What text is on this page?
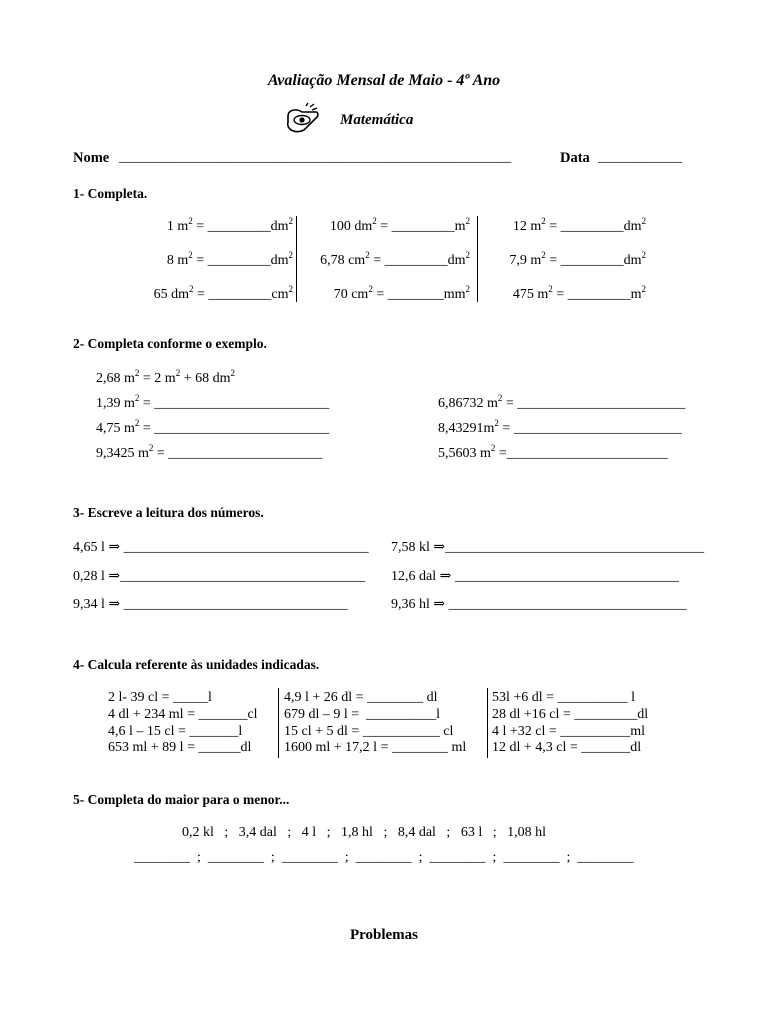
Avaliação Mensal de Maio - 4º Ano
Matemática
Nome ________________________________________________________	Data ____________
1- Completa.
1 $m^2$ = $\_\_\_\_\_\_\_\_\_dm^2$
8 $m^2$ = $\_\_\_\_\_\_\_\_\_dm^2$
65 $dm^2$ = $\_\_\_\_\_\_\_\_\_cm^2$
100 $dm^2$ = $\_\_\_\_\_\_\_\_\_m^2$
6,78 $cm^2$ = $\_\_\_\_\_\_\_\_\_dm^2$
70 $cm^2$ = $\_\_\_\_\_\_\_\_mm^2$
12 $m^2$ = $\_\_\_\_\_\_\_\_\_dm^2$
7,9 $m^2$ = $\_\_\_\_\_\_\_\_\_dm^2$
475 $m^2$ = $\_\_\_\_\_\_\_\_\_m^2$
2- Completa conforme o exemplo.
2,68 $m^2 = 2$ $m^2 + 68$ $dm^2$
1,39 $m^2$ = _________________________
4,75 $m^2$ = _________________________
9,3425 $m^2$ = ______________________
6,86732 $m^2$ = ________________________
$8,43291m^2$ = ________________________
5,5603 $m^2$ =_______________________
3- Escreve a leitura dos números.
4,65 l ⇒ ___________________________________
0,28 l ⇒___________________________________
9,34 l ⇒ ________________________________
7,58 kl ⇒_____________________________________
12,6 dal ⇒ ________________________________
9,36 hl ⇒ __________________________________
4- Calcula referente às unidades indicadas.
2 l- 39 cl = _____l
4 dl + 234 ml = _______cl
4,6 l – 15 cl = _______l
653 ml + 89 l = ______dl
4,9 l + 26 dl = ________ dl
679 dl – 9 l =  __________l
15 cl + 5 dl = ___________ cl
1600 ml + 17,2 l = ________ ml
53l +6 dl = __________ l
28 dl +16 cl = _________dl
4 l +32 cl = __________ml
12 dl + 4,3 cl = _______dl
5- Completa do maior para o menor...
0,2 kl   ;   3,4 dal   ;   4 l   ;   1,8 hl   ;   8,4 dal   ;   63 l   ;   1,08 hl
________  ;  ________  ;  ________  ;  ________  ;  ________  ;  ________  ;  ________
Problemas
